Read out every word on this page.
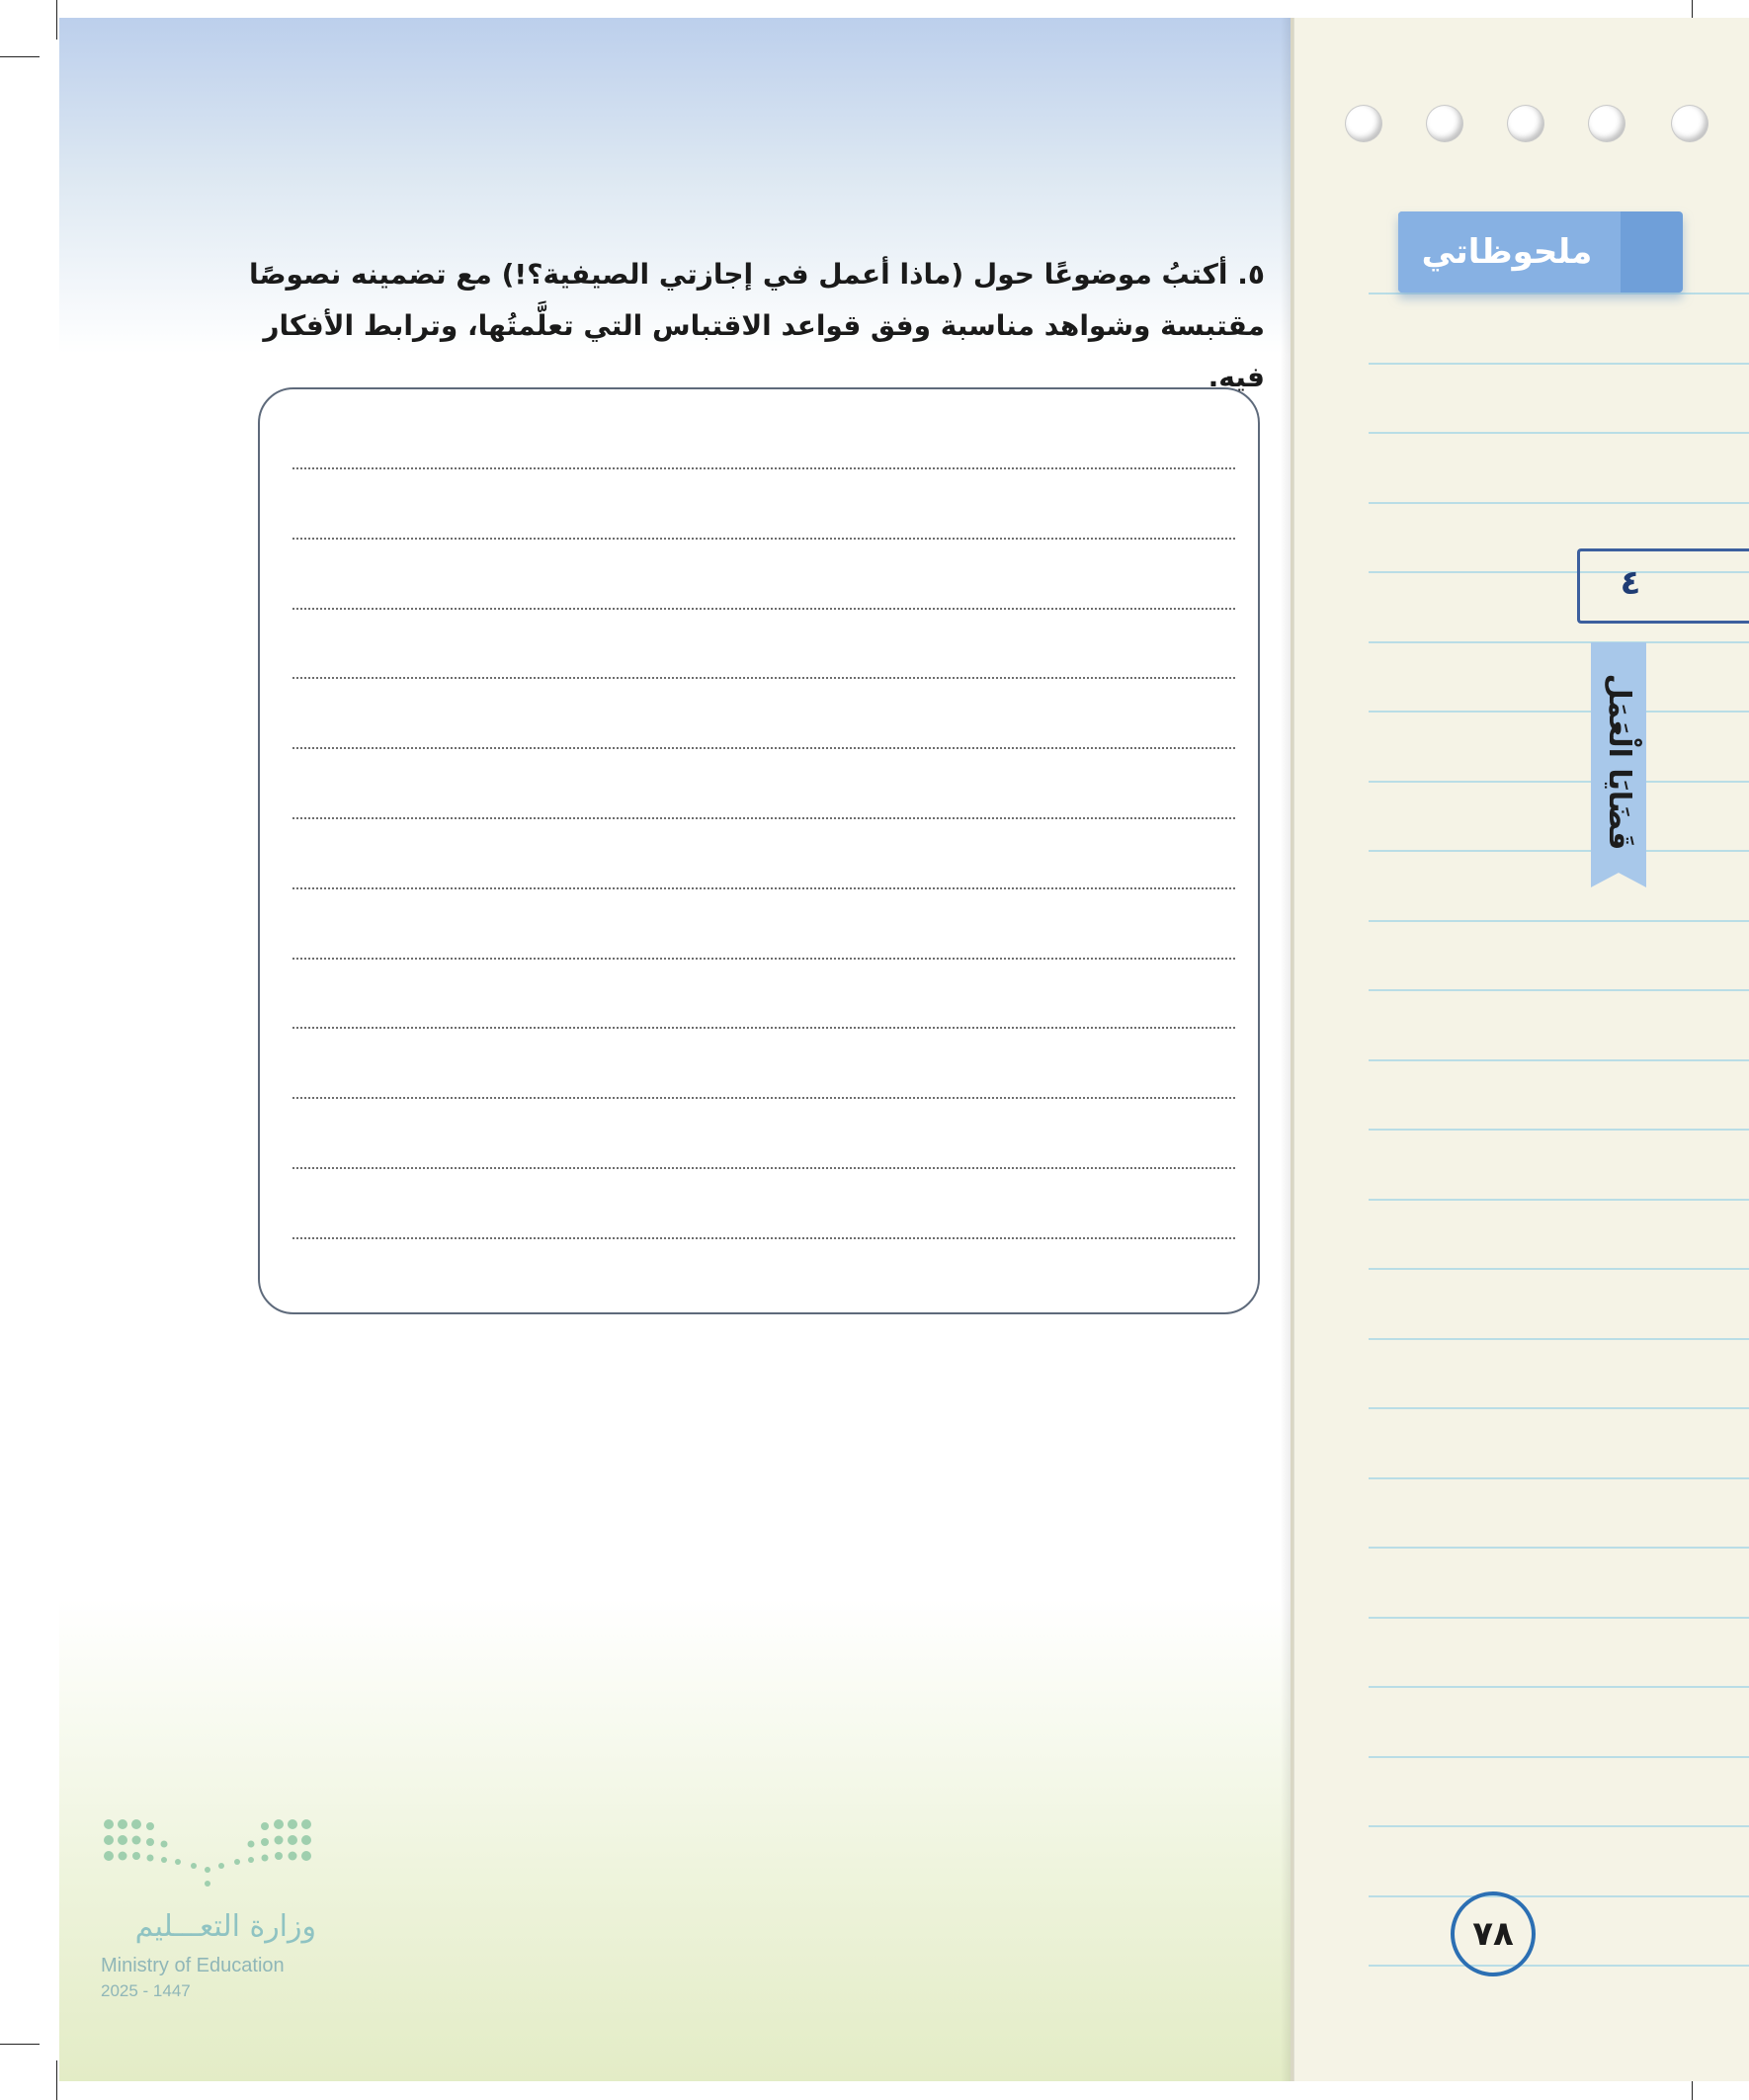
ملحوظاتي
٤
قَضَايَا الْعَمَل
٥. أكتبُ موضوعًا حول (ماذا أعمل في إجازتي الصيفية؟!) مع تضمينه نصوصًا
مقتبسة وشواهد مناسبة وفق قواعد الاقتباس التي تعلَّمتُها، وترابط الأفكار فيه.
٧٨
وزارة التعـــليم
Ministry of Education
2025 - 1447
